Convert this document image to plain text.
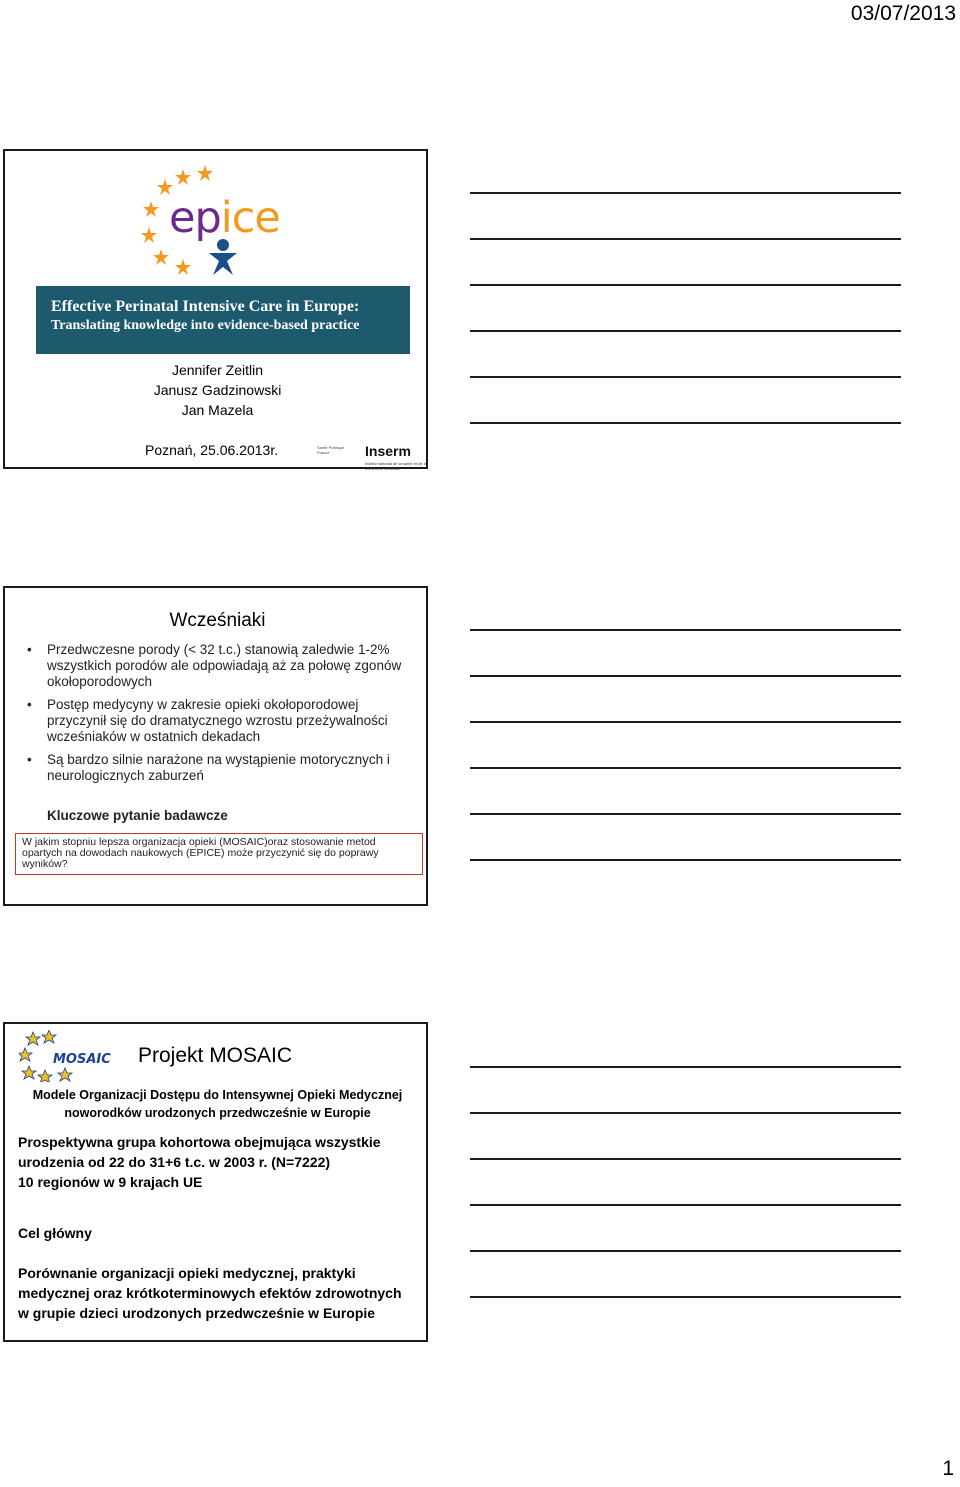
03/07/2013
epice
Effective Perinatal Intensive Care in Europe:
Translating knowledge into evidence-based practice
Jennifer Zeitlin
Janusz Gadzinowski
Jan Mazela
Poznań, 25.06.2013r.	Santé Publique France	Inserm
Institut national de la santé et de la recherche médicale
Wcześniaki
• Przedwczesne porody (< 32 t.c.) stanowią zaledwie 1-2% wszystkich porodów ale odpowiadają aż za połowę zgonów okołoporodowych
• Postęp medycyny w zakresie opieki okołoporodowej przyczynił się do dramatycznego wzrostu przeżywalności wcześniaków w ostatnich dekadach
• Są bardzo silnie narażone na wystąpienie motorycznych i neurologicznych zaburzeń
Kluczowe pytanie badawcze
W jakim stopniu lepsza organizacja opieki (MOSAIC)oraz stosowanie metod opartych na dowodach naukowych (EPICE) może przyczynić się do poprawy wyników?
MOSAIC Projekt MOSAIC
Modele Organizacji Dostępu do Intensywnej Opieki Medycznej
noworodków urodzonych przedwcześnie w Europie
Prospektywna grupa kohortowa obejmująca wszystkie
urodzenia od 22 do 31+6 t.c. w 2003 r. (N=7222)
10 regionów w 9 krajach UE
Cel główny
Porównanie organizacji opieki medycznej, praktyki
medycznej oraz krótkoterminowych efektów zdrowotnych
w grupie dzieci urodzonych przedwcześnie w Europie
1
